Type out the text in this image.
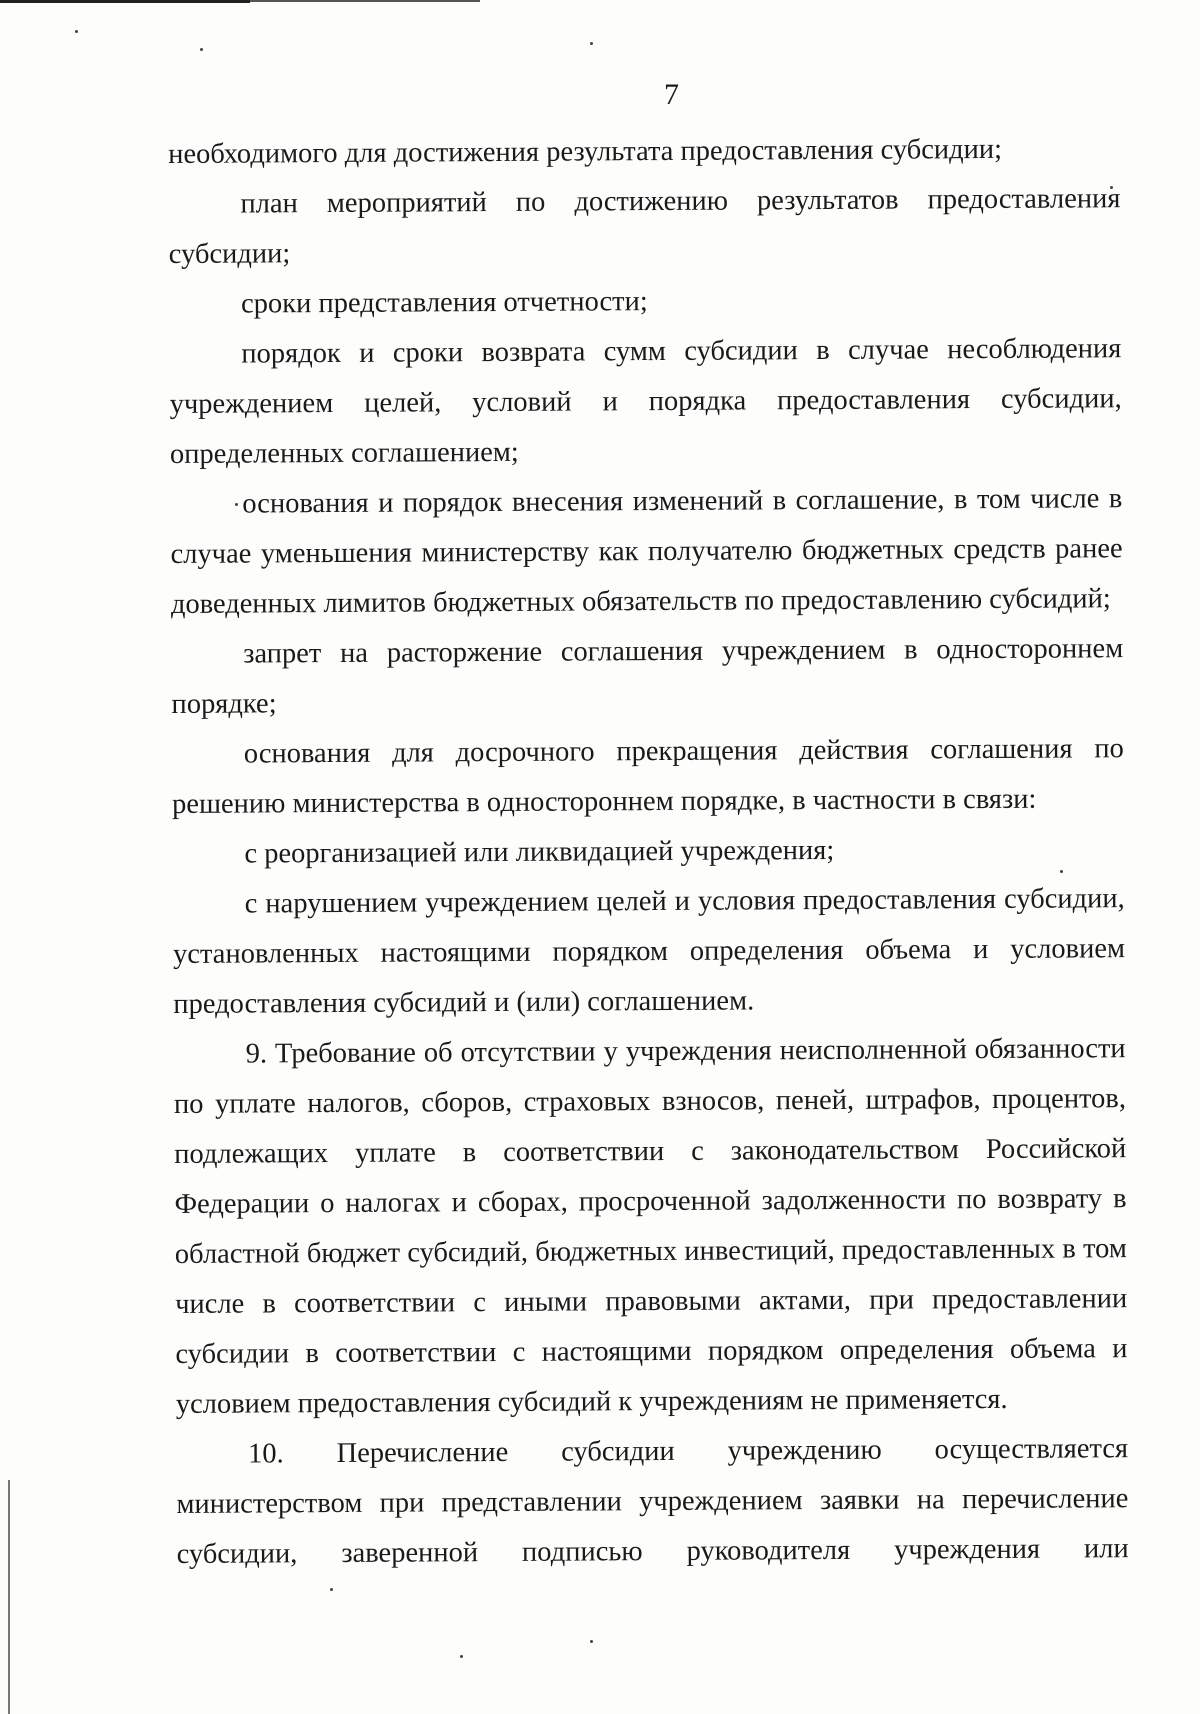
7

необходимого для достижения результата предоставления субсидии;

план мероприятий по достижению результатов предоставления субсидии;

сроки представления отчетности;

порядок и сроки возврата сумм субсидии в случае несоблюдения учреждением целей, условий и порядка предоставления субсидии, определенных соглашением;

основания и порядок внесения изменений в соглашение, в том числе в случае уменьшения министерству как получателю бюджетных средств ранее доведенных лимитов бюджетных обязательств по предоставлению субсидий;

запрет на расторжение соглашения учреждением в одностороннем порядке;

основания для досрочного прекращения действия соглашения по решению министерства в одностороннем порядке, в частности в связи:

с реорганизацией или ликвидацией учреждения;

с нарушением учреждением целей и условия предоставления субсидии, установленных настоящими порядком определения объема и условием предоставления субсидий и (или) соглашением.

9. Требование об отсутствии у учреждения неисполненной обязанности по уплате налогов, сборов, страховых взносов, пеней, штрафов, процентов, подлежащих уплате в соответствии с законодательством Российской Федерации о налогах и сборах, просроченной задолженности по возврату в областной бюджет субсидий, бюджетных инвестиций, предоставленных в том числе в соответствии с иными правовыми актами, при предоставлении субсидии в соответствии с настоящими порядком определения объема и условием предоставления субсидий к учреждениям не применяется.

10. Перечисление субсидии учреждению осуществляется министерством при представлении учреждением заявки на перечисление субсидии, заверенной подписью руководителя учреждения или
